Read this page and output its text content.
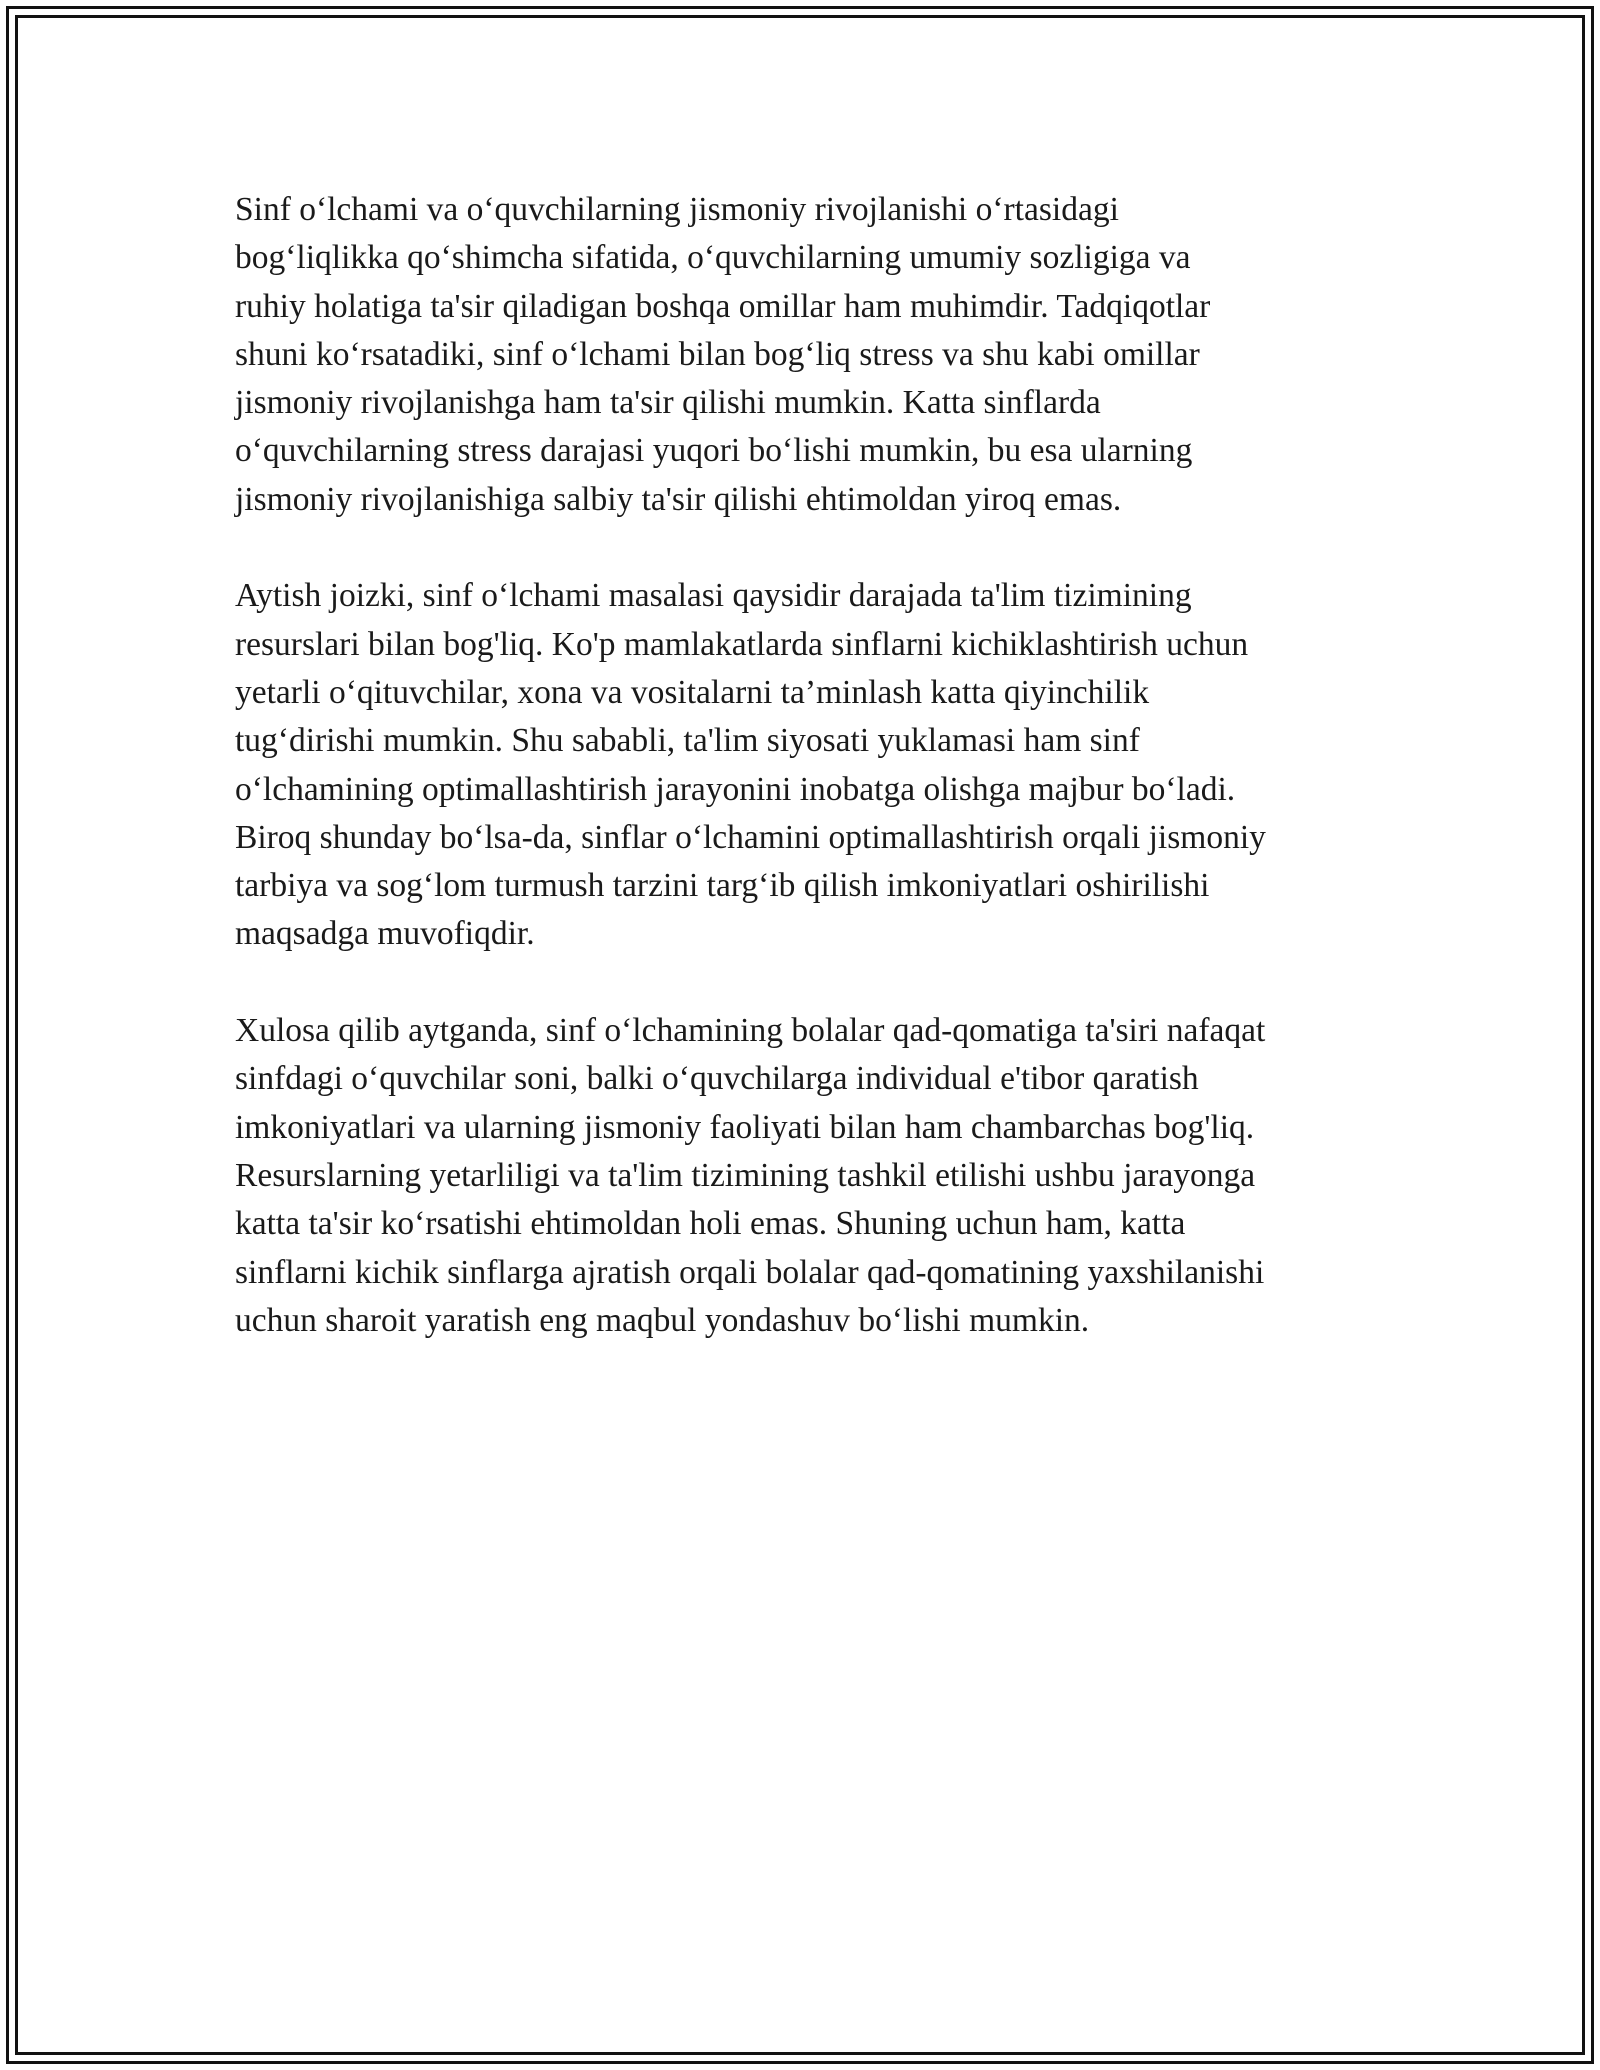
Sinf o‘lchami va o‘quvchilarning jismoniy rivojlanishi o‘rtasidagi
bog‘liqlikka qo‘shimcha sifatida, o‘quvchilarning umumiy sozligiga va
ruhiy holatiga ta'sir qiladigan boshqa omillar ham muhimdir. Tadqiqotlar
shuni ko‘rsatadiki, sinf o‘lchami bilan bog‘liq stress va shu kabi omillar
jismoniy rivojlanishga ham ta'sir qilishi mumkin. Katta sinflarda
o‘quvchilarning stress darajasi yuqori bo‘lishi mumkin, bu esa ularning
jismoniy rivojlanishiga salbiy ta'sir qilishi ehtimoldan yiroq emas.

Aytish joizki, sinf o‘lchami masalasi qaysidir darajada ta'lim tizimining
resurslari bilan bog'liq. Ko'p mamlakatlarda sinflarni kichiklashtirish uchun
yetarli o‘qituvchilar, xona va vositalarni ta’minlash katta qiyinchilik
tug‘dirishi mumkin. Shu sababli, ta'lim siyosati yuklamasi ham sinf
o‘lchamining optimallashtirish jarayonini inobatga olishga majbur bo‘ladi.
Biroq shunday bo‘lsa-da, sinflar o‘lchamini optimallashtirish orqali jismoniy
tarbiya va sog‘lom turmush tarzini targ‘ib qilish imkoniyatlari oshirilishi
maqsadga muvofiqdir.

Xulosa qilib aytganda, sinf o‘lchamining bolalar qad-qomatiga ta'siri nafaqat
sinfdagi o‘quvchilar soni, balki o‘quvchilarga individual e'tibor qaratish
imkoniyatlari va ularning jismoniy faoliyati bilan ham chambarchas bog'liq.
Resurslarning yetarliligi va ta'lim tizimining tashkil etilishi ushbu jarayonga
katta ta'sir ko‘rsatishi ehtimoldan holi emas. Shuning uchun ham, katta
sinflarni kichik sinflarga ajratish orqali bolalar qad-qomatining yaxshilanishi
uchun sharoit yaratish eng maqbul yondashuv bo‘lishi mumkin.
